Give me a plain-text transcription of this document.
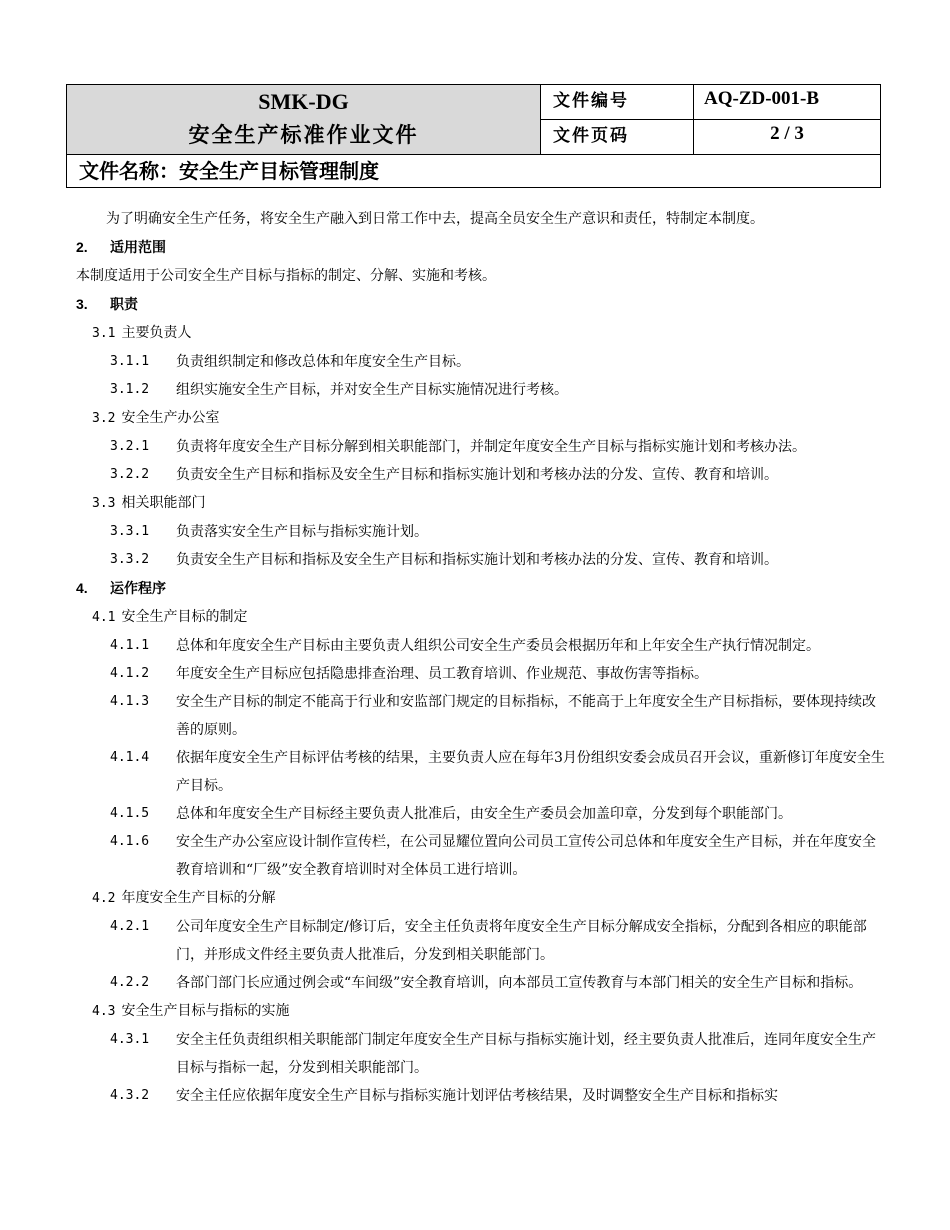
SMK-DG
安全生产标准作业文件
文件编号	AQ-ZD-001-B
文件页码	2 / 3
文件名称：安全生产目标管理制度
为了明确安全生产任务，将安全生产融入到日常工作中去，提高全员安全生产意识和责任，特制定本制度。
2. 适用范围
本制度适用于公司安全生产目标与指标的制定、分解、实施和考核。
3. 职责
3.1 主要负责人
3.1.1 负责组织制定和修改总体和年度安全生产目标。
3.1.2 组织实施安全生产目标，并对安全生产目标实施情况进行考核。
3.2 安全生产办公室
3.2.1 负责将年度安全生产目标分解到相关职能部门，并制定年度安全生产目标与指标实施计划和考核办法。
3.2.2 负责安全生产目标和指标及安全生产目标和指标实施计划和考核办法的分发、宣传、教育和培训。
3.3 相关职能部门
3.3.1 负责落实安全生产目标与指标实施计划。
3.3.2 负责安全生产目标和指标及安全生产目标和指标实施计划和考核办法的分发、宣传、教育和培训。
4. 运作程序
4.1 安全生产目标的制定
4.1.1 总体和年度安全生产目标由主要负责人组织公司安全生产委员会根据历年和上年安全生产执行情况制定。
4.1.2 年度安全生产目标应包括隐患排查治理、员工教育培训、作业规范、事故伤害等指标。
4.1.3 安全生产目标的制定不能高于行业和安监部门规定的目标指标，不能高于上年度安全生产目标指标，要体现持续改善的原则。
4.1.4 依据年度安全生产目标评估考核的结果，主要负责人应在每年3月份组织安委会成员召开会议，重新修订年度安全生产目标。
4.1.5 总体和年度安全生产目标经主要负责人批准后，由安全生产委员会加盖印章，分发到每个职能部门。
4.1.6 安全生产办公室应设计制作宣传栏，在公司显耀位置向公司员工宣传公司总体和年度安全生产目标，并在年度安全教育培训和“厂级”安全教育培训时对全体员工进行培训。
4.2 年度安全生产目标的分解
4.2.1 公司年度安全生产目标制定/修订后，安全主任负责将年度安全生产目标分解成安全指标，分配到各相应的职能部门，并形成文件经主要负责人批准后，分发到相关职能部门。
4.2.2 各部门部门长应通过例会或“车间级”安全教育培训，向本部员工宣传教育与本部门相关的安全生产目标和指标。
4.3 安全生产目标与指标的实施
4.3.1 安全主任负责组织相关职能部门制定年度安全生产目标与指标实施计划，经主要负责人批准后，连同年度安全生产目标与指标一起，分发到相关职能部门。
4.3.2 安全主任应依据年度安全生产目标与指标实施计划评估考核结果，及时调整安全生产目标和指标实
